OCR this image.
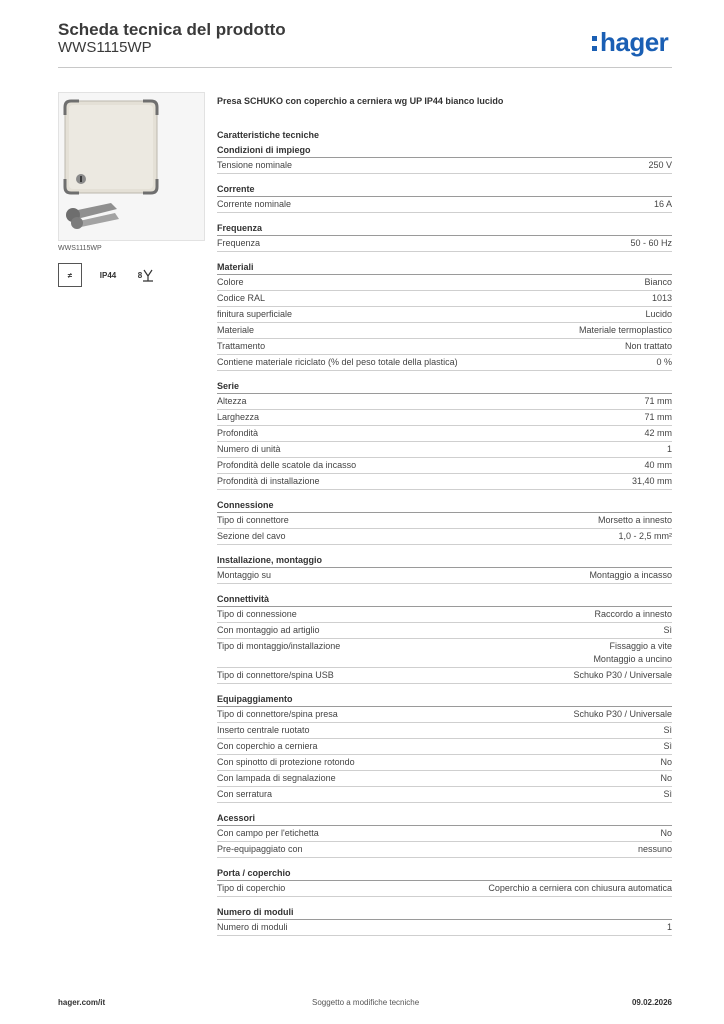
Scheda tecnica del prodotto
WWS1115WP	hager
WWS1115WP
≠	IP44	8
Presa SCHUKO con coperchio a cerniera wg UP IP44 bianco lucido
Caratteristiche tecniche
Condizioni di impiego
Tensione nominale	250 V
Corrente
Corrente nominale	16 A
Frequenza
Frequenza	50 - 60 Hz
Materiali
Colore	Bianco
Codice RAL	1013
finitura superficiale	Lucido
Materiale	Materiale termoplastico
Trattamento	Non trattato
Contiene materiale riciclato (% del peso totale della plastica)	0 %
Serie
Altezza	71 mm
Larghezza	71 mm
Profondità	42 mm
Numero di unità	1
Profondità delle scatole da incasso	40 mm
Profondità di installazione	31,40 mm
Connessione
Tipo di connettore	Morsetto a innesto
Sezione del cavo	1,0 - 2,5 mm²
Installazione, montaggio
Montaggio su	Montaggio a incasso
Connettività
Tipo di connessione	Raccordo a innesto
Con montaggio ad artiglio	Sì
Tipo di montaggio/installazione	Fissaggio a vite
Montaggio a uncino
Tipo di connettore/spina USB	Schuko P30 / Universale
Equipaggiamento
Tipo di connettore/spina presa	Schuko P30 / Universale
Inserto centrale ruotato	Sì
Con coperchio a cerniera	Sì
Con spinotto di protezione rotondo	No
Con lampada di segnalazione	No
Con serratura	Sì
Acessori
Con campo per l'etichetta	No
Pre-equipaggiato con	nessuno
Porta / coperchio
Tipo di coperchio	Coperchio a cerniera con chiusura automatica
Numero di moduli
Numero di moduli	1
hager.com/it	Soggetto a modifiche tecniche	09.02.2026
